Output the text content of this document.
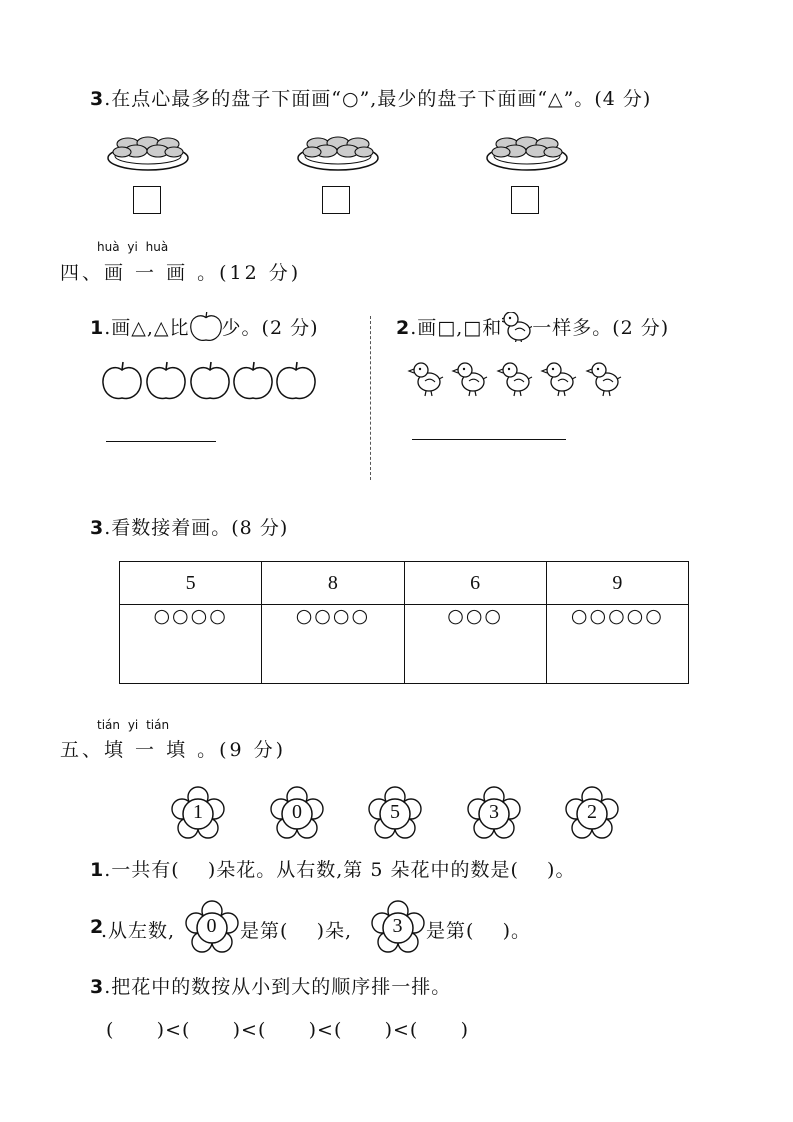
3.在点心最多的盘子下面画“○”,最少的盘子下面画“△”。(4 分)
huà yi huà
四、画 一 画 。(12 分)
1.画△,△比 少。(2 分)	2.画□,□和 一样多。(2 分)
3.看数接着画。(8 分)
5	8	6	9
○○○○	○○○○	○○○	○○○○○
tián yi tián
五、填 一 填 。(9 分)
1	0	5	3	2
1.一共有(    )朵花。从右数,第 5 朵花中的数是(    )。
2
.从左数, 0 是第(    )朵, 3 是第(    )。
3.把花中的数按从小到大的顺序排一排。
(      )<(      )<(      )<(      )<(      )
